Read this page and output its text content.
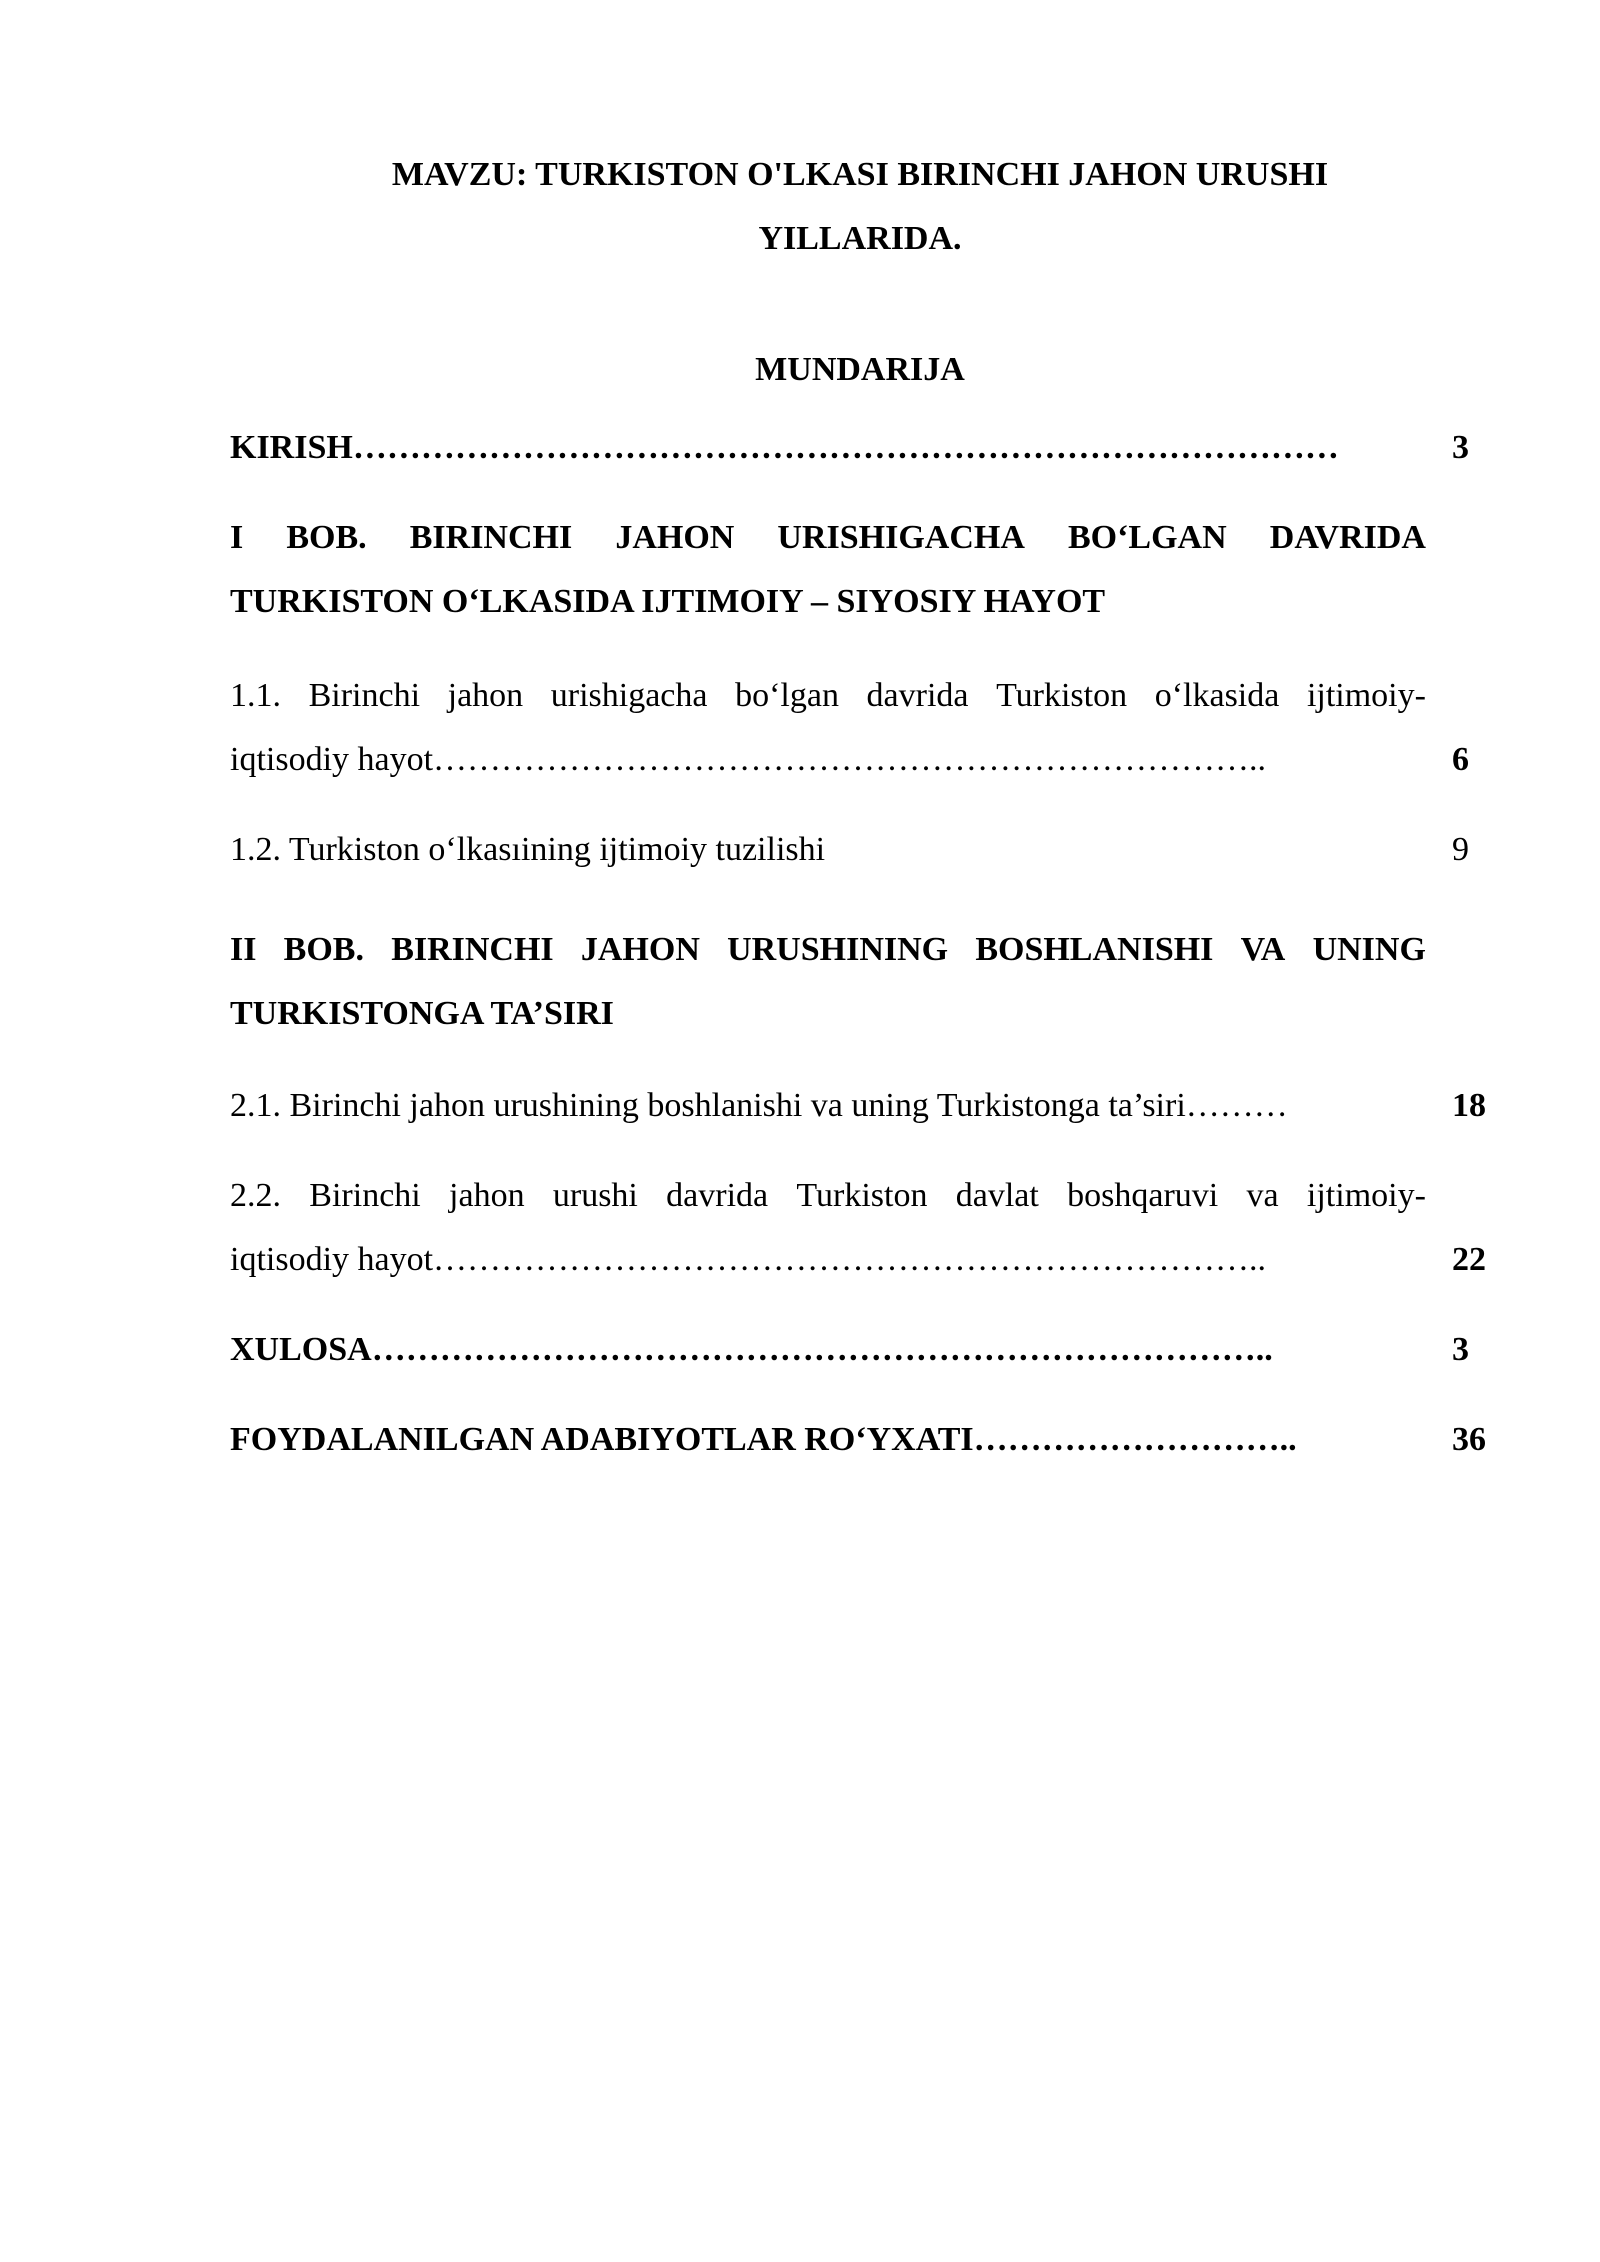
MAVZU: TURKISTON O'LKASI BIRINCHI JAHON URUSHI
YILLARIDA.
MUNDARIJA
KIRISH……………………………………………………………………………	3
I BOB. BIRINCHI JAHON URISHIGACHA BO‘LGAN DAVRIDA
TURKISTON O‘LKASIDA IJTIMOIY – SIYOSIY HAYOT
1.1. Birinchi jahon urishigacha bo‘lgan davrida Turkiston o‘lkasida ijtimoiy-
iqtisodiy hayot………………………………………………………………..	6
1.2. Turkiston o‘lkasıining ijtimoiy tuzilishi	9
II BOB. BIRINCHI JAHON URUSHINING BOSHLANISHI VA UNING
TURKISTONGA TA’SIRI
2.1. Birinchi jahon urushining boshlanishi va uning Turkistonga ta’siri………	18
2.2. Birinchi jahon urushi davrida Turkiston davlat boshqaruvi va ijtimoiy-
iqtisodiy hayot………………………………………………………………..	22
XULOSA……………………………………………………………………..	3
FOYDALANILGAN ADABIYOTLAR RO‘YXATI………………………..	36
